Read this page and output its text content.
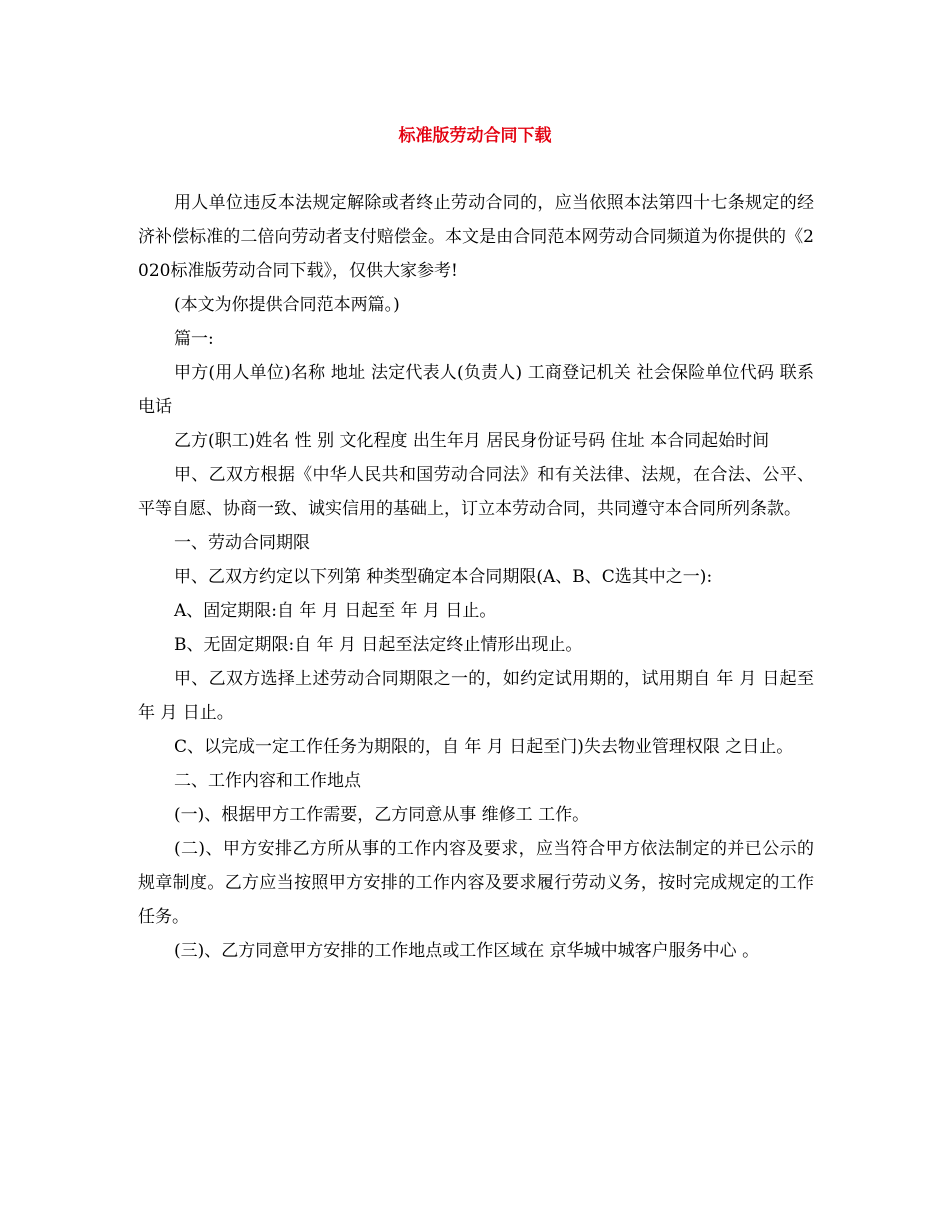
标准版劳动合同下载

用人单位违反本法规定解除或者终止劳动合同的，应当依照本法第四十七条规定的经济补偿标准的二倍向劳动者支付赔偿金。本文是由合同范本网劳动合同频道为你提供的《2020标准版劳动合同下载》，仅供大家参考!

(本文为你提供合同范本两篇。)

篇一:

甲方(用人单位)名称 地址 法定代表人(负责人) 工商登记机关 社会保险单位代码 联系电话

乙方(职工)姓名 性 别 文化程度 出生年月 居民身份证号码 住址 本合同起始时间

甲、乙双方根据《中华人民共和国劳动合同法》和有关法律、法规，在合法、公平、平等自愿、协商一致、诚实信用的基础上，订立本劳动合同，共同遵守本合同所列条款。

一、劳动合同期限

甲、乙双方约定以下列第 种类型确定本合同期限(A、B、C选其中之一):

A、固定期限:自 年 月 日起至 年 月 日止。

B、无固定期限:自 年 月 日起至法定终止情形出现止。

甲、乙双方选择上述劳动合同期限之一的，如约定试用期的，试用期自 年 月 日起至 年 月 日止。

C、以完成一定工作任务为期限的，自 年 月 日起至门)失去物业管理权限 之日止。

二、工作内容和工作地点

(一)、根据甲方工作需要，乙方同意从事 维修工 工作。

(二)、甲方安排乙方所从事的工作内容及要求，应当符合甲方依法制定的并已公示的规章制度。乙方应当按照甲方安排的工作内容及要求履行劳动义务，按时完成规定的工作任务。

(三)、乙方同意甲方安排的工作地点或工作区域在 京华城中城客户服务中心 。
